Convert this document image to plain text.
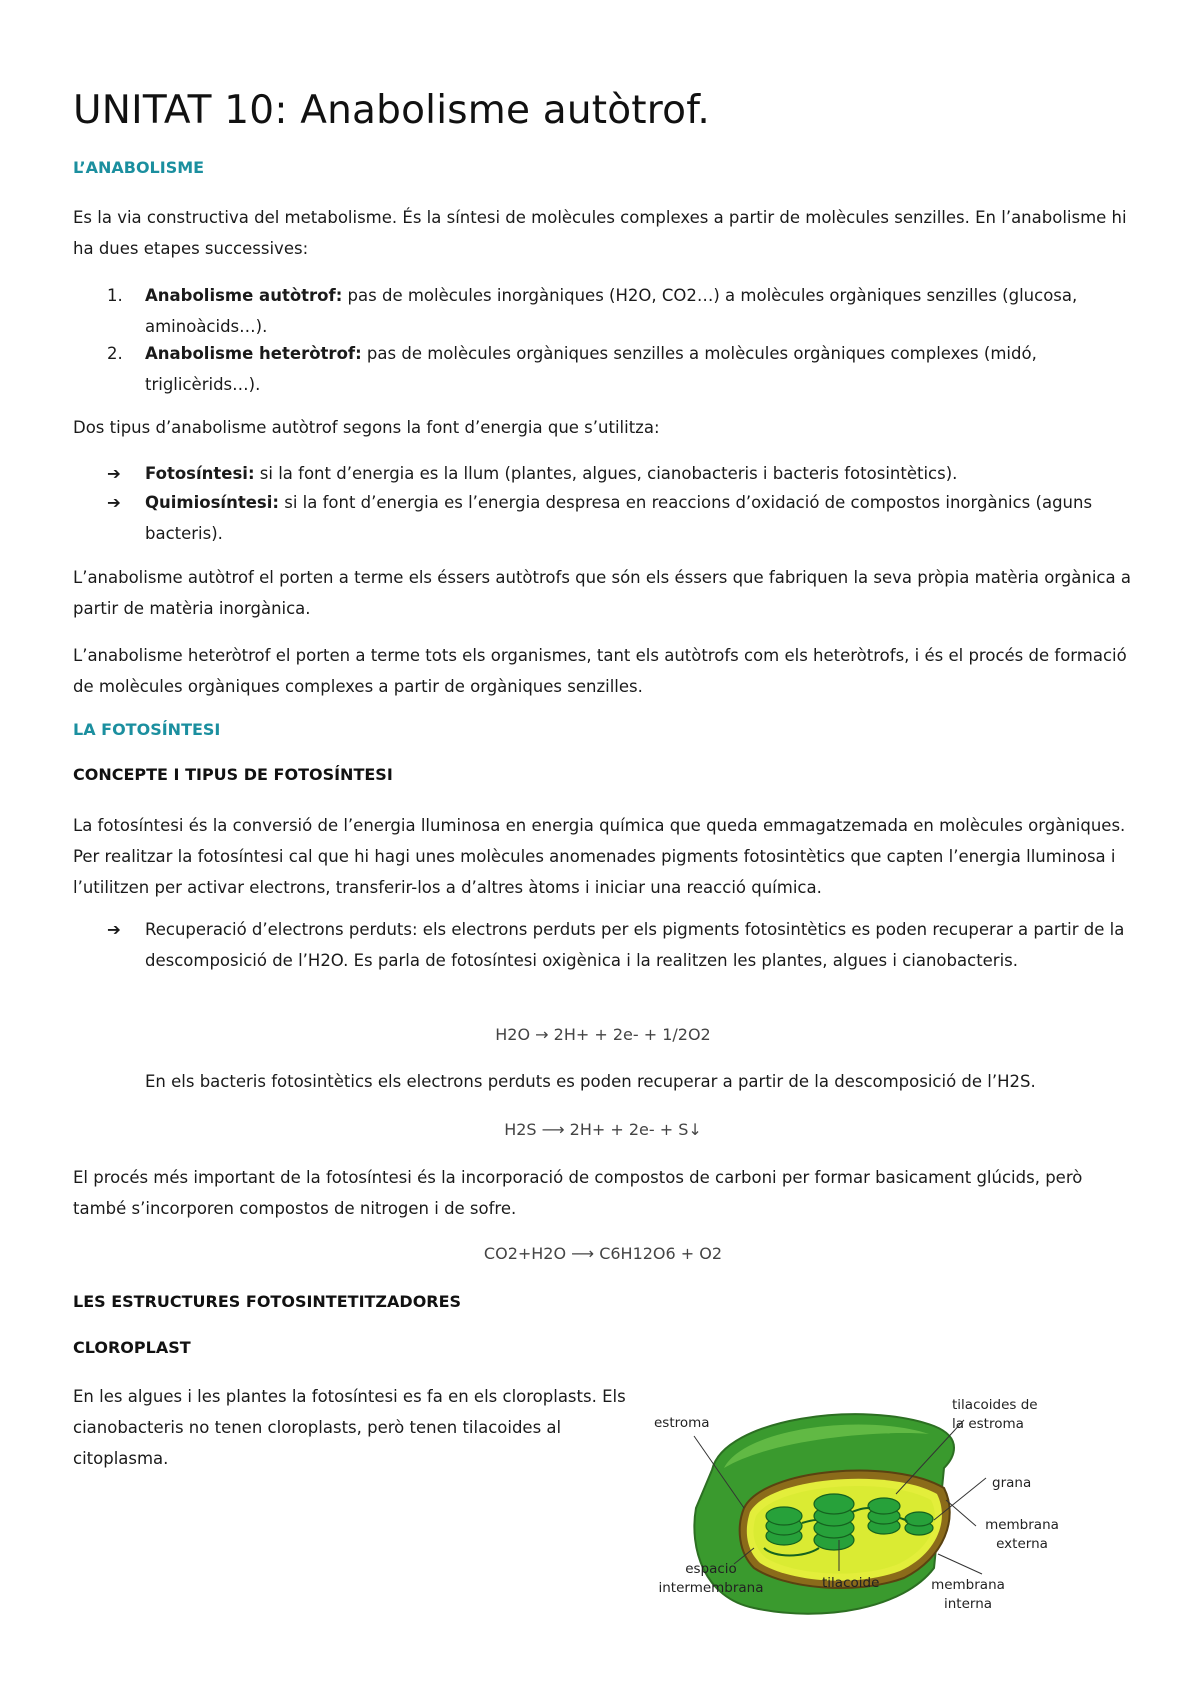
UNITAT 10: Anabolisme autòtrof.
L’ANABOLISME

Es la via constructiva del metabolisme. És la síntesi de molècules complexes a partir de molècules senzilles. En l’anabolisme hi ha dues etapes successives:

1. Anabolisme autòtrof: pas de molècules inorgàniques (H2O, CO2…) a molècules orgàniques senzilles (glucosa, aminoàcids…).

2. Anabolisme heteròtrof: pas de molècules orgàniques senzilles a molècules orgàniques complexes (midó, triglicèrids…).

Dos tipus d’anabolisme autòtrof segons la font d’energia que s’utilitza:

➔ Fotosíntesi: si la font d’energia es la llum (plantes, algues, cianobacteris i bacteris fotosintètics).

➔ Quimiosíntesi: si la font d’energia es l’energia despresa en reaccions d’oxidació de compostos inorgànics (aguns bacteris).

L’anabolisme autòtrof el porten a terme els éssers autòtrofs que són els éssers que fabriquen la seva pròpia matèria orgànica a partir de matèria inorgànica.

L’anabolisme heteròtrof el porten a terme tots els organismes, tant els autòtrofs com els heteròtrofs, i és el procés de formació de molècules orgàniques complexes a partir de orgàniques senzilles.

LA FOTOSÍNTESI
CONCEPTE I TIPUS DE FOTOSÍNTESI

La fotosíntesi és la conversió de l’energia lluminosa en energia química que queda emmagatzemada en molècules orgàniques. Per realitzar la fotosíntesi cal que hi hagi unes molècules anomenades pigments fotosintètics que capten l’energia lluminosa i l’utilitzen per activar electrons, transferir-los a d’altres àtoms i iniciar una reacció química.

➔ Recuperació d’electrons perduts: els electrons perduts per els pigments fotosintètics es poden recuperar a partir de la descomposició de l’H2O. Es parla de fotosíntesi oxigènica i la realitzen les plantes, algues i cianobacteris.

H2O → 2H+ + 2e- + 1/2O2

En els bacteris fotosintètics els electrons perduts es poden recuperar a partir de la descomposició de l’H2S.

H2S ⟶ 2H+ + 2e- + S↓

El procés més important de la fotosíntesi és la incorporació de compostos de carboni per formar basicament glúcids, però també s’incorporen compostos de nitrogen i de sofre.

CO2+H2O ⟶ C6H12O6 + O2
LES ESTRUCTURES FOTOSINTETITZADORES
CLOROPLAST

En les algues i les plantes la fotosíntesi es fa en els cloroplasts. Els cianobacteris no tenen cloroplasts, però tenen tilacoides al citoplasma.

estroma
tilacoides de la estroma
grana
membrana externa
tilacoide	membrana interna
espacio intermembrana
